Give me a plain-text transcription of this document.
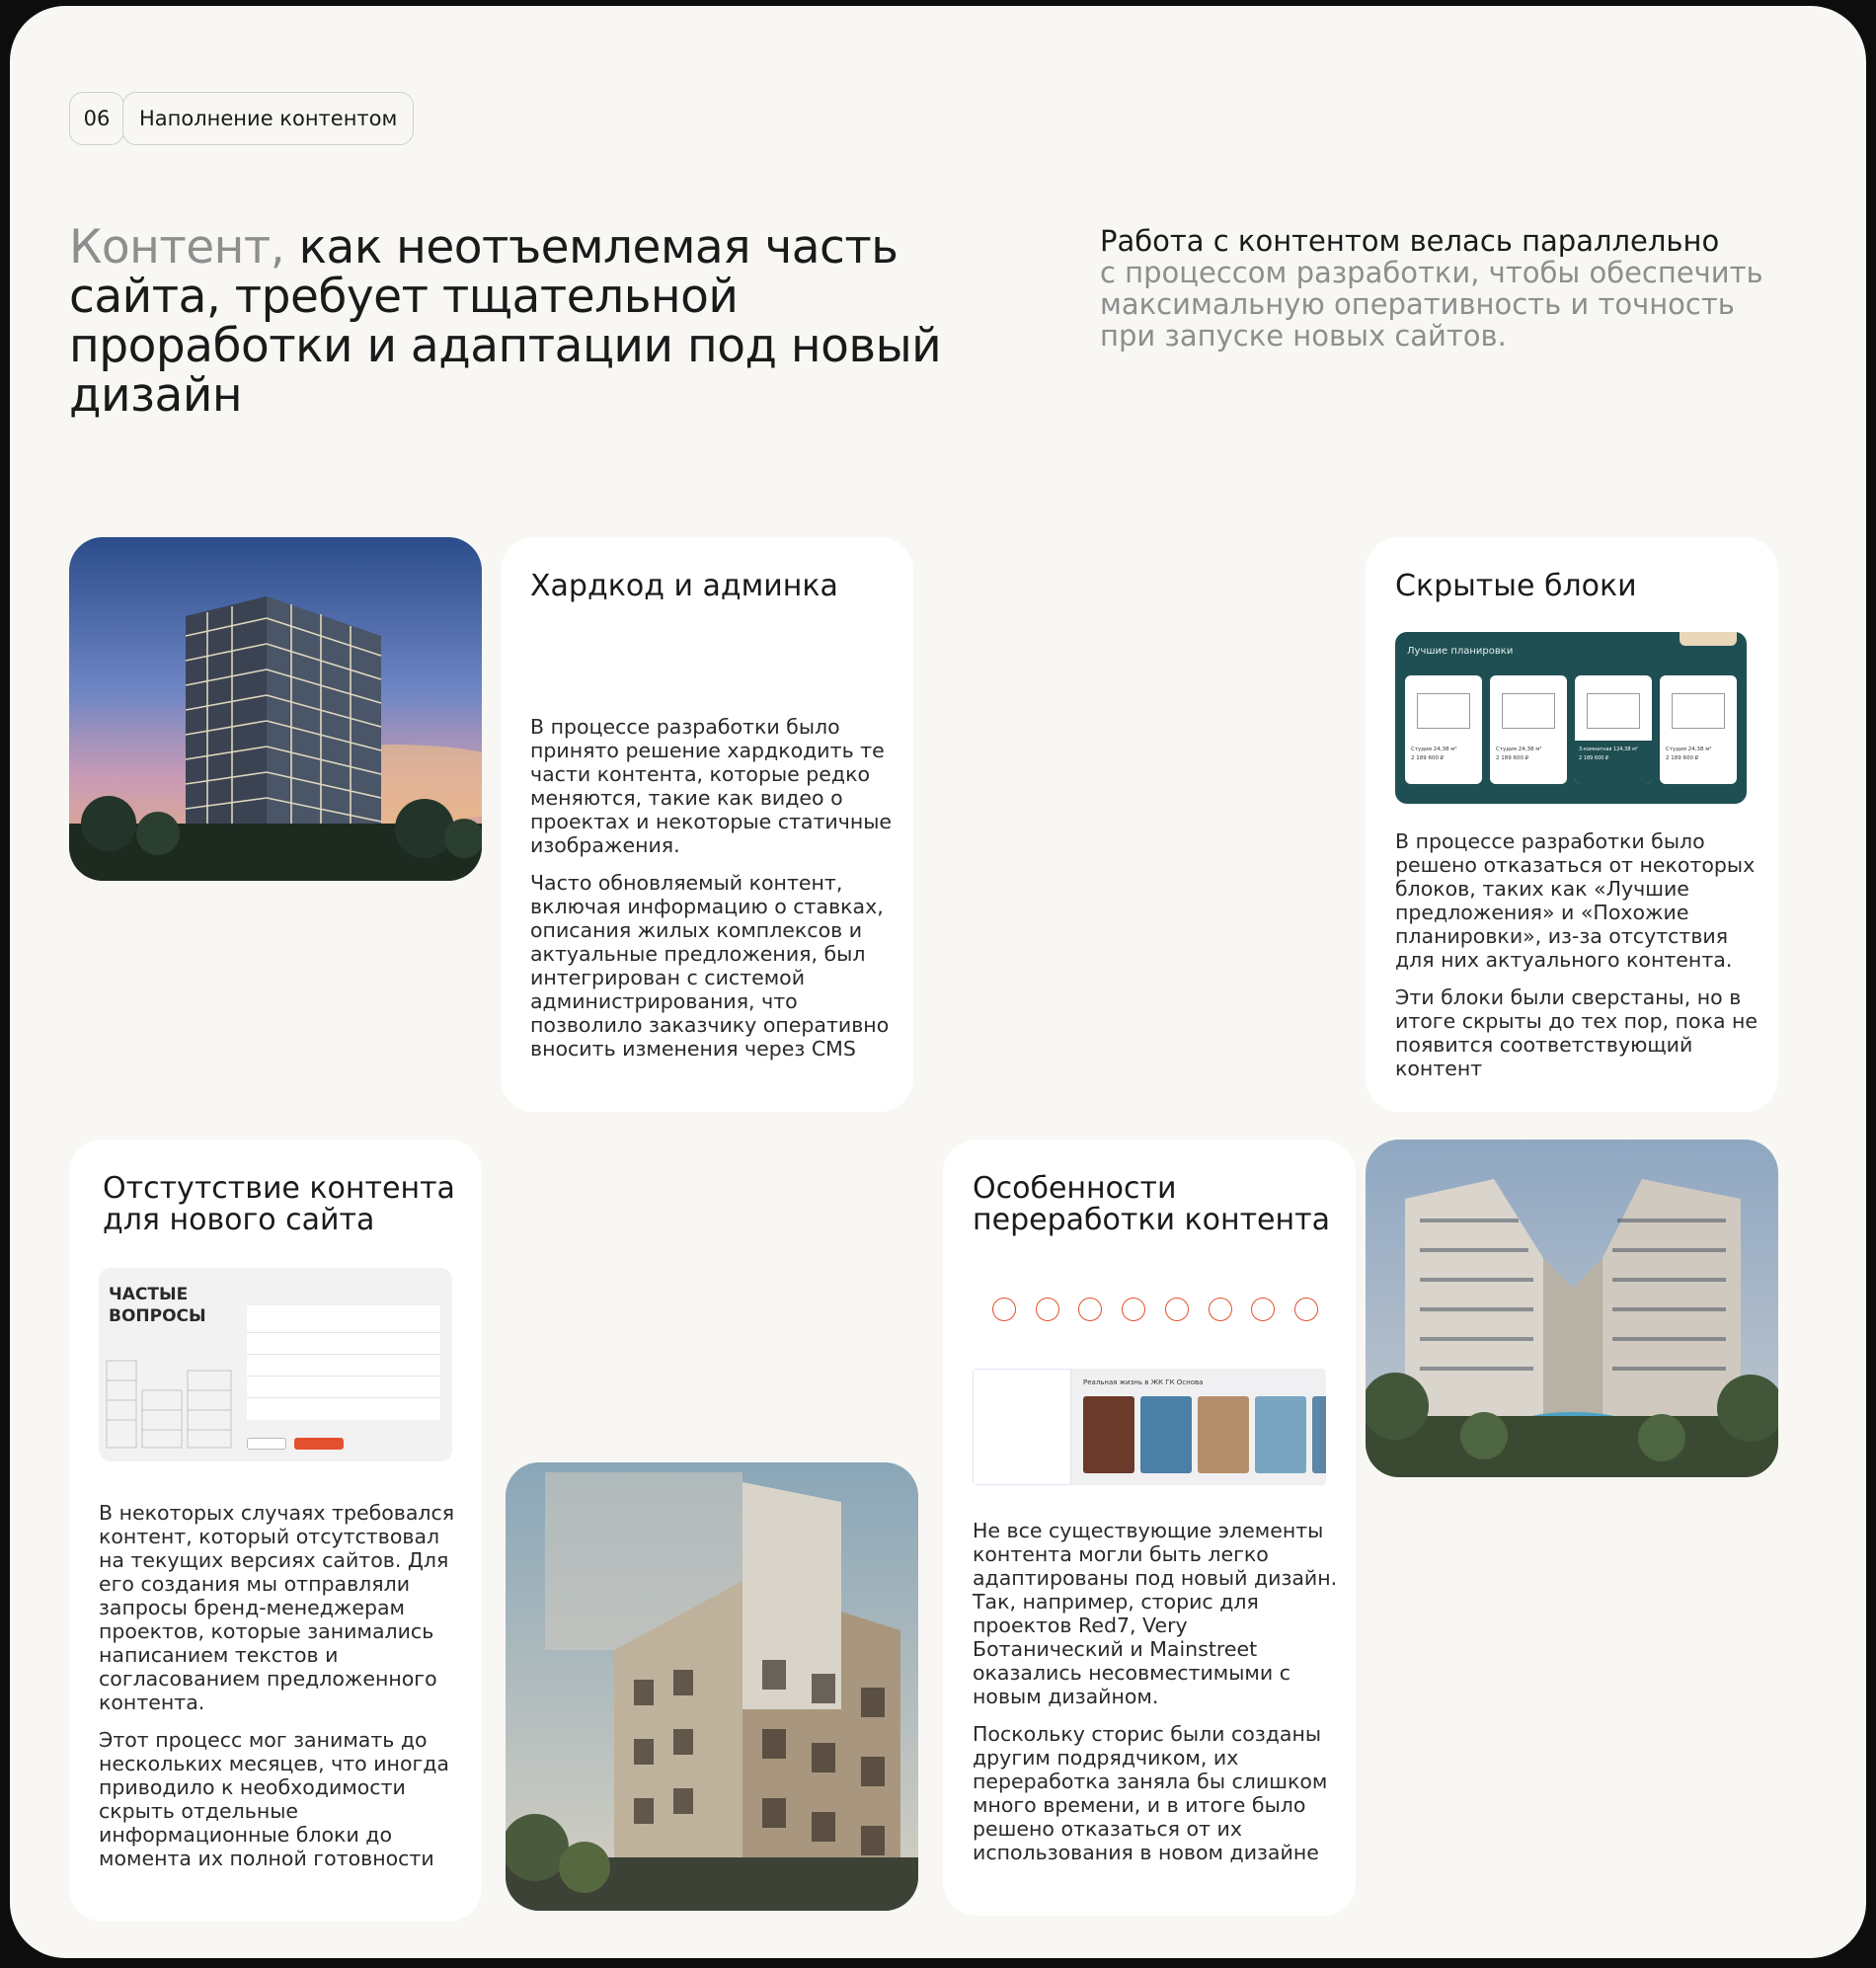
06	Наполнение контентом
Контент, как неотъемлемая часть сайта, требует тщательной проработки и адаптации под новый дизайн
Работа с контентом велась параллельно
с процессом разработки, чтобы обеспечить максимальную оперативность и точность при запуске новых сайтов.
Хардкод и админка

В процессе разработки было принято решение хардкодить те части контента, которые редко меняются, такие как видео о проектах и некоторые статичные изображения.

Часто обновляемый контент, включая информацию о ставках, описания жилых комплексов и актуальные предложения, был интегрирован с системой администрирования, что позволило заказчику оперативно вносить изменения через CMS

Скрытые блоки
Лучшие планировки
Студия 24,38 м²
2 189 600 ₽
Студия 24,38 м²
2 189 600 ₽
3-комнатная 124,38 м²
2 189 600 ₽
Студия 24,38 м²
2 189 600 ₽

В процессе разработки было решено отказаться от некоторых блоков, таких как «Лучшие предложения» и «Похожие планировки», из-за отсутствия для них актуального контента.

Эти блоки были сверстаны, но в итоге скрыты до тех пор, пока не появится соответствующий контент

Отстутствие контента для нового сайта
ЧАСТЫЕ ВОПРОСЫ

В некоторых случаях требовался контент, который отсутствовал на текущих версиях сайтов. Для его создания мы отправляли запросы бренд-менеджерам проектов, которые занимались написанием текстов и согласованием предложенного контента.

Этот процесс мог занимать до нескольких месяцев, что иногда приводило к необходимости скрыть отдельные информационные блоки до момента их полной готовности

Особенности переработки контента
Реальная жизнь в ЖК ГК Основа

Не все существующие элементы контента могли быть легко адаптированы под новый дизайн. Так, например, сторис для проектов Red7, Very Ботанический и Mainstreet оказались несовместимыми с новым дизайном.

Поскольку сторис были созданы другим подрядчиком, их переработка заняла бы слишком много времени, и в итоге было решено отказаться от их использования в новом дизайне
